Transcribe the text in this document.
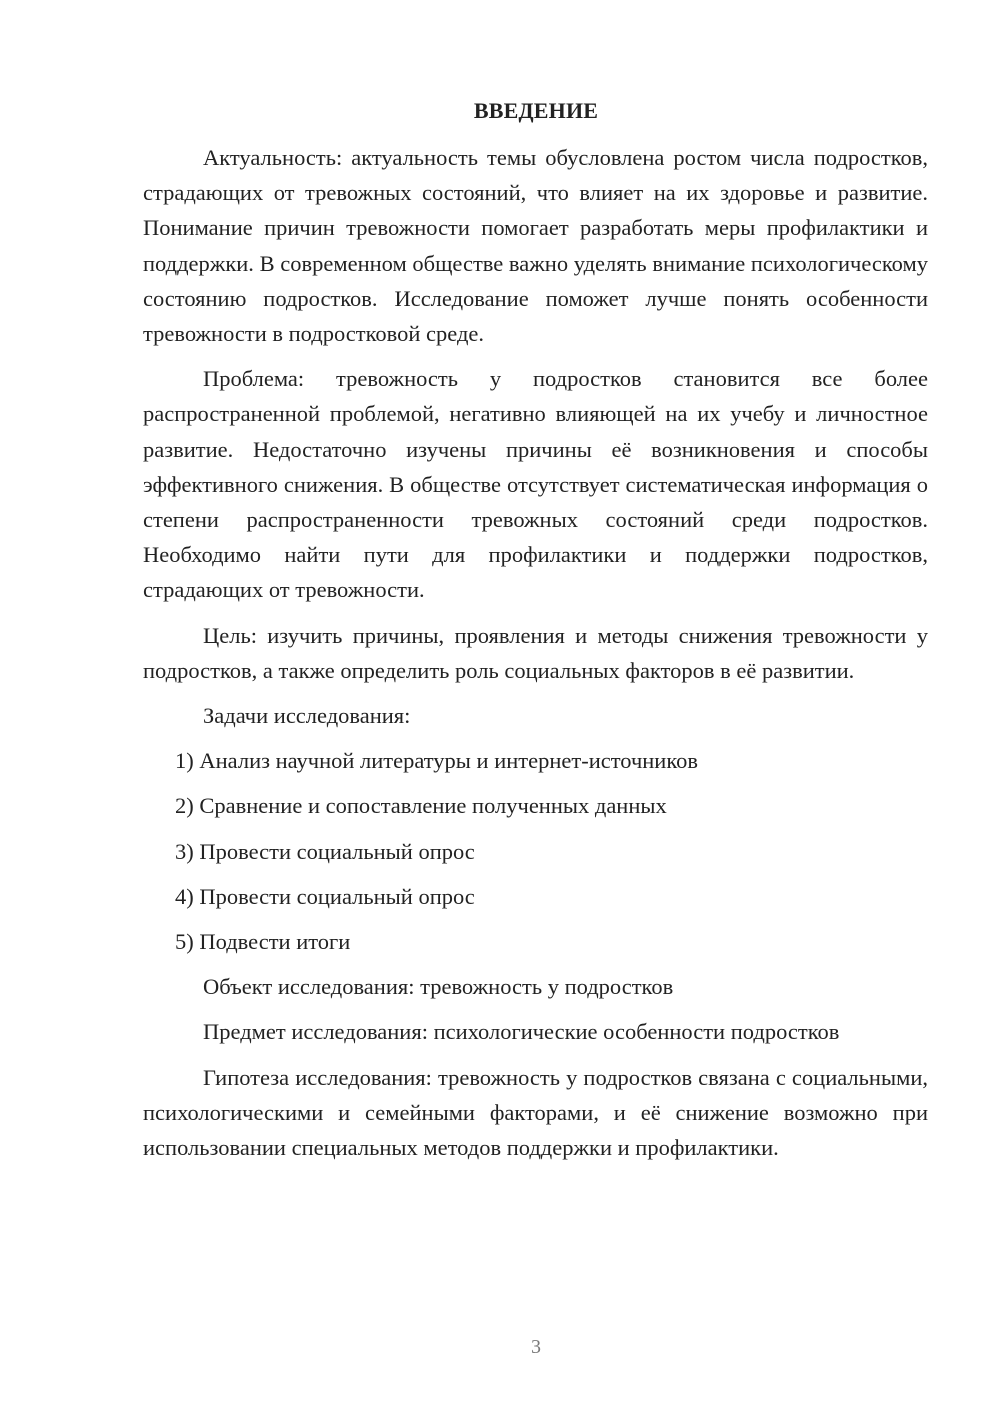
ВВЕДЕНИЕ

Актуальность: актуальность темы обусловлена ростом числа подростков, страдающих от тревожных состояний, что влияет на их здоровье и развитие. Понимание причин тревожности помогает разработать меры профилактики и поддержки. В современном обществе важно уделять внимание психологическому состоянию подростков. Исследование поможет лучше понять особенности тревожности в подростковой среде.

Проблема: тревожность у подростков становится все более распространенной проблемой, негативно влияющей на их учебу и личностное развитие. Недостаточно изучены причины её возникновения и способы эффективного снижения. В обществе отсутствует систематическая информация о степени распространенности тревожных состояний среди подростков. Необходимо найти пути для профилактики и поддержки подростков, страдающих от тревожности.

Цель: изучить причины, проявления и методы снижения тревожности у подростков, а также определить роль социальных факторов в её развитии.

Задачи исследования:
1) Анализ научной литературы и интернет-источников
2) Сравнение и сопоставление полученных данных
3) Провести социальный опрос
4) Провести социальный опрос
5) Подвести итоги
Объект исследования: тревожность у подростков
Предмет исследования: психологические особенности подростков

Гипотеза исследования: тревожность у подростков связана с социальными, психологическими и семейными факторами, и её снижение возможно при использовании специальных методов поддержки и профилактики.

3
